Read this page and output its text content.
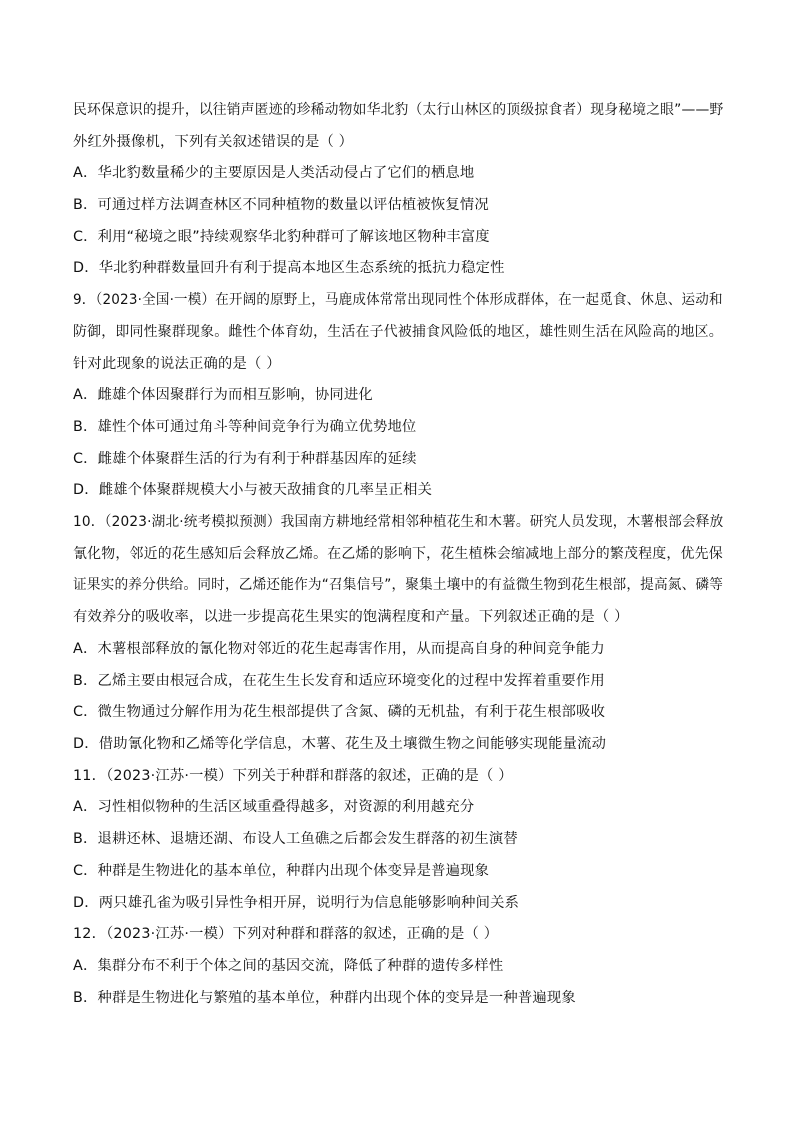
民环保意识的提升，以往销声匿迹的珍稀动物如华北豹（太行山林区的顶级掠食者）现身秘境之眼”——野
外红外摄像机，下列有关叙述错误的是（ ）
A．华北豹数量稀少的主要原因是人类活动侵占了它们的栖息地
B．可通过样方法调查林区不同种植物的数量以评估植被恢复情况
C．利用“秘境之眼”持续观察华北豹种群可了解该地区物种丰富度
D．华北豹种群数量回升有利于提高本地区生态系统的抵抗力稳定性
9．（2023·全国·一模）在开阔的原野上，马鹿成体常常出现同性个体形成群体，在一起觅食、休息、运动和
防御，即同性聚群现象。雌性个体育幼，生活在子代被捕食风险低的地区，雄性则生活在风险高的地区。
针对此现象的说法正确的是（ ）
A．雌雄个体因聚群行为而相互影响，协同进化
B．雄性个体可通过角斗等种间竞争行为确立优势地位
C．雌雄个体聚群生活的行为有利于种群基因库的延续
D．雌雄个体聚群规模大小与被天敌捕食的几率呈正相关
10．（2023·湖北·统考模拟预测）我国南方耕地经常相邻种植花生和木薯。研究人员发现，木薯根部会释放
氰化物，邻近的花生感知后会释放乙烯。在乙烯的影响下，花生植株会缩减地上部分的繁茂程度，优先保
证果实的养分供给。同时，乙烯还能作为“召集信号”，聚集土壤中的有益微生物到花生根部，提高氮、磷等
有效养分的吸收率，以进一步提高花生果实的饱满程度和产量。下列叙述正确的是（ ）
A．木薯根部释放的氰化物对邻近的花生起毒害作用，从而提高自身的种间竞争能力
B．乙烯主要由根冠合成，在花生生长发育和适应环境变化的过程中发挥着重要作用
C．微生物通过分解作用为花生根部提供了含氮、磷的无机盐，有利于花生根部吸收
D．借助氰化物和乙烯等化学信息，木薯、花生及土壤微生物之间能够实现能量流动
11．（2023·江苏·一模）下列关于种群和群落的叙述，正确的是（ ）
A．习性相似物种的生活区域重叠得越多，对资源的利用越充分
B．退耕还林、退塘还湖、布设人工鱼礁之后都会发生群落的初生演替
C．种群是生物进化的基本单位，种群内出现个体变异是普遍现象
D．两只雄孔雀为吸引异性争相开屏，说明行为信息能够影响种间关系
12．（2023·江苏·一模）下列对种群和群落的叙述，正确的是（ ）
A．集群分布不利于个体之间的基因交流，降低了种群的遗传多样性
B．种群是生物进化与繁殖的基本单位，种群内出现个体的变异是一种普遍现象
